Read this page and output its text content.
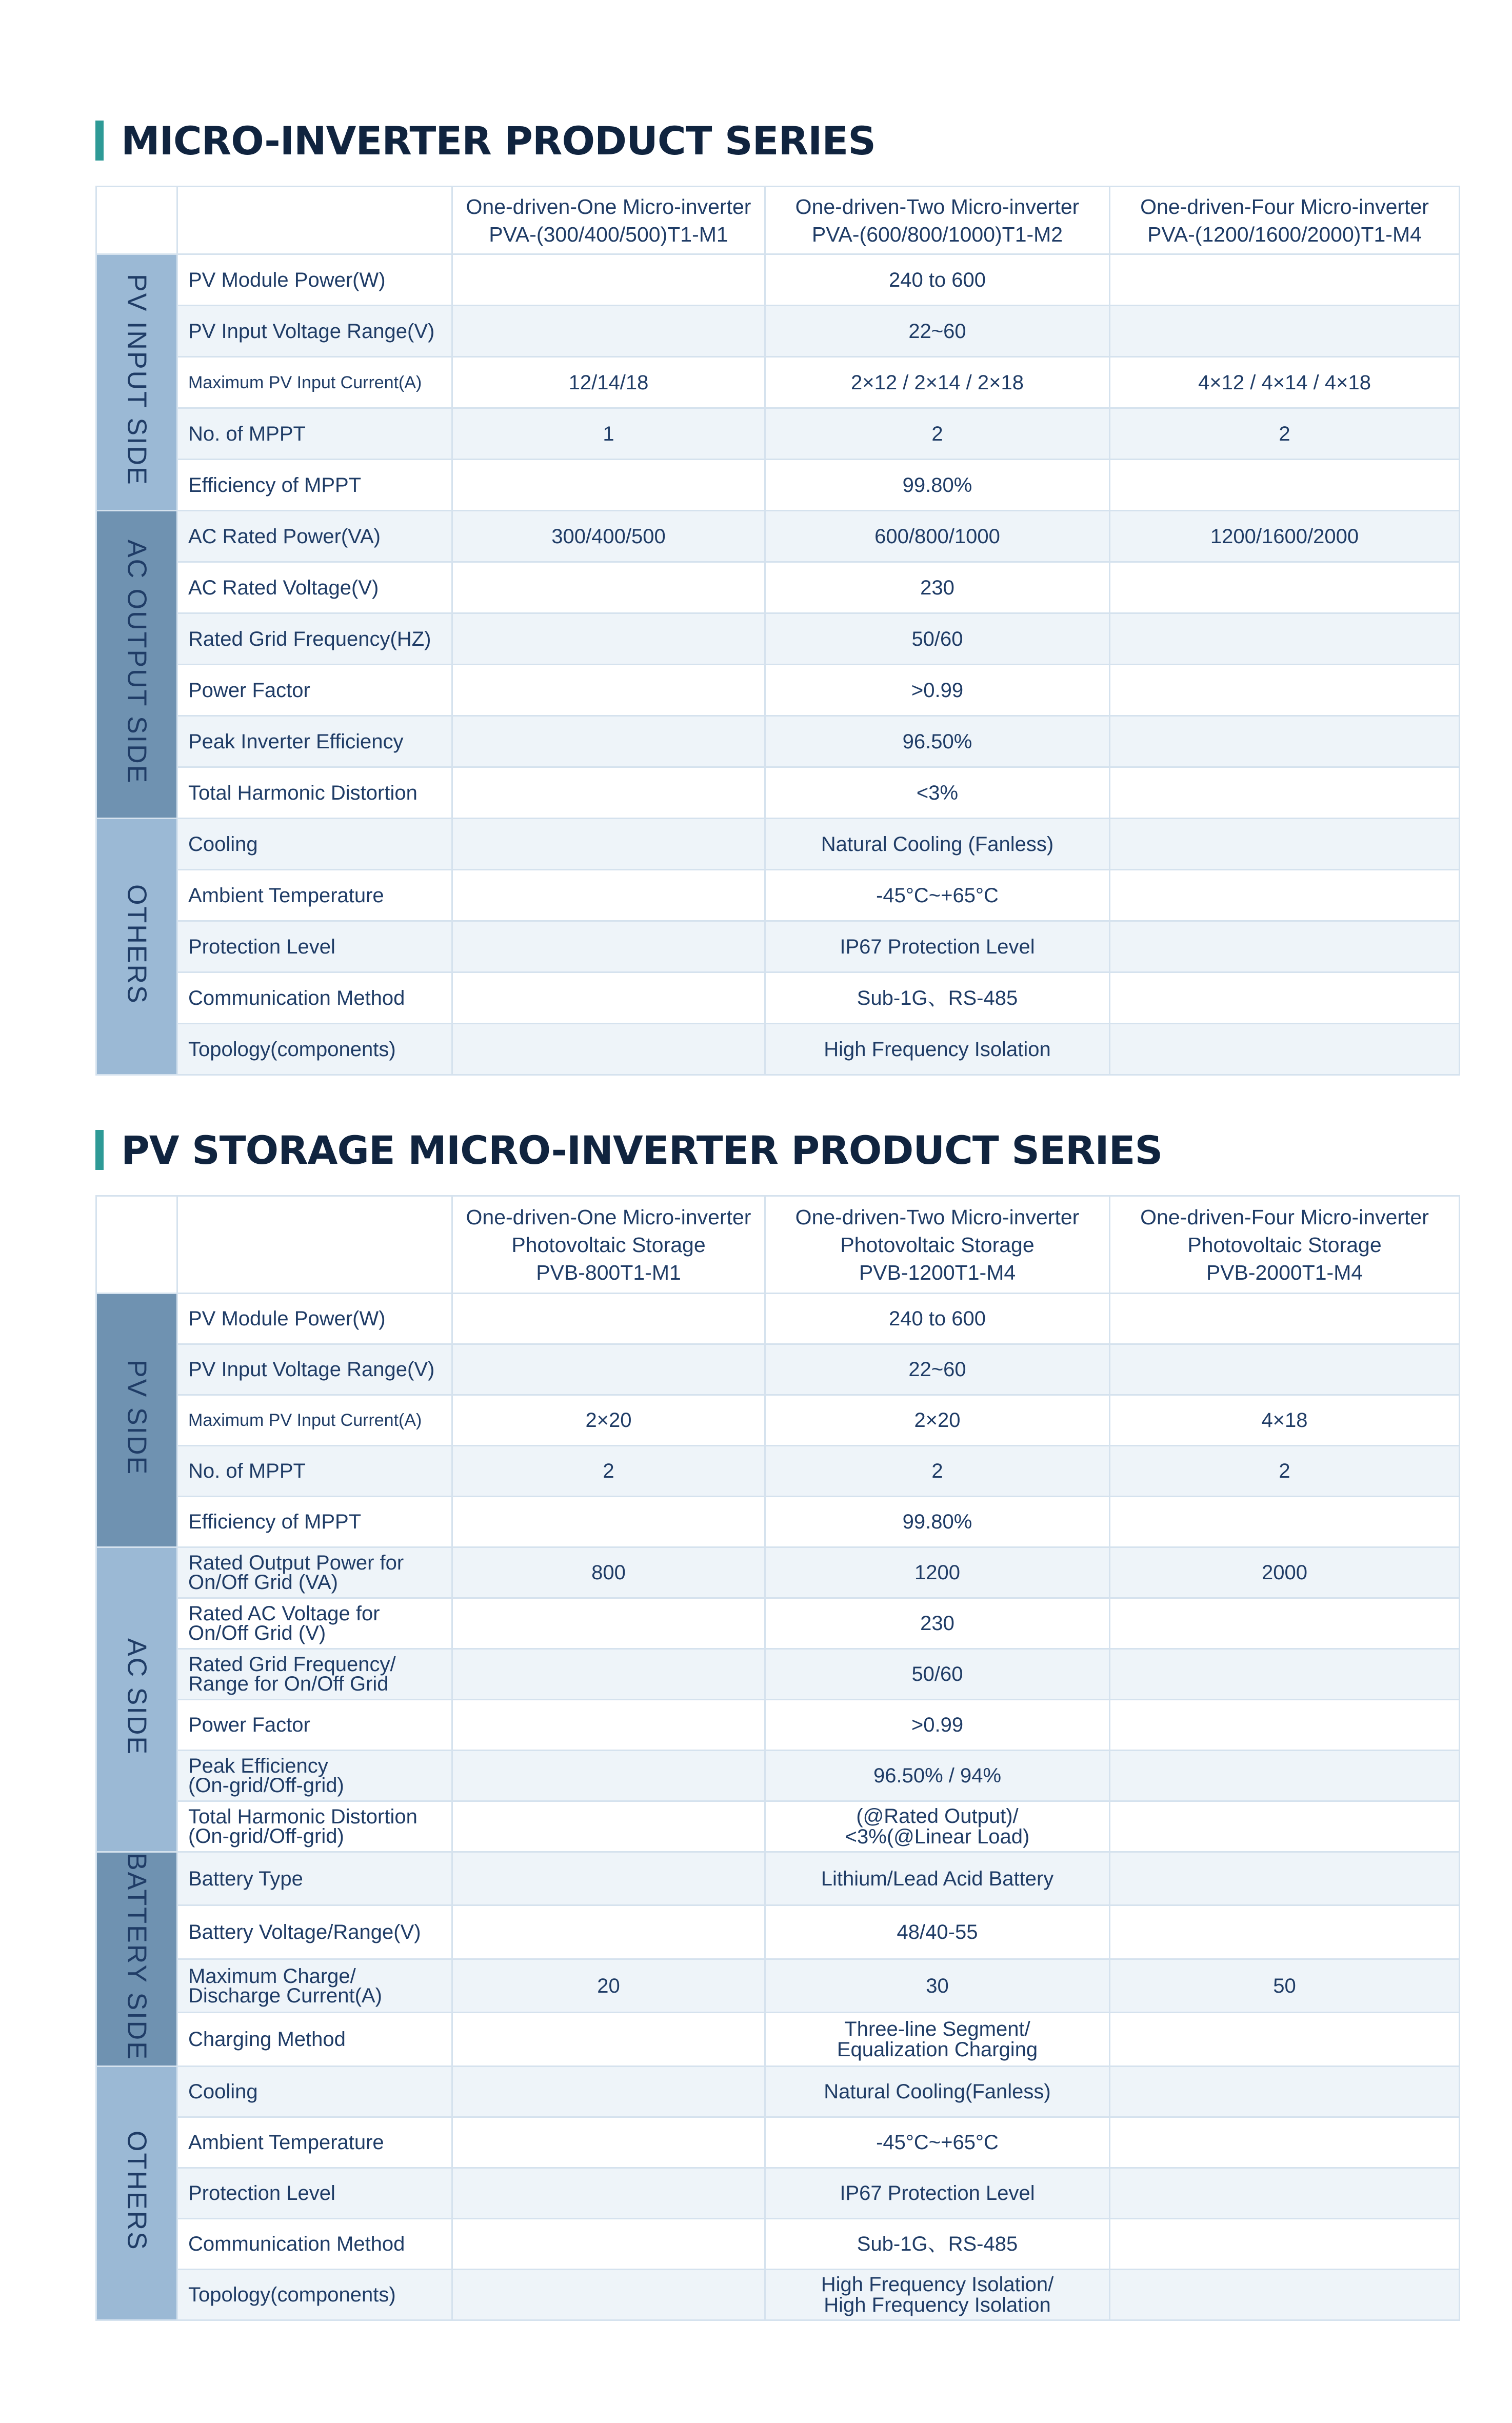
MICRO-INVERTER PRODUCT SERIES

		One-driven-One Micro-inverter
PVA-(300/400/500)T1-M1	One-driven-Two Micro-inverter
PVA-(600/800/1000)T1-M2	One-driven-Four Micro-inverter
PVA-(1200/1600/2000)T1-M4

PV INPUT SIDE	PV Module Power(W)		240 to 600	
	PV Input Voltage Range(V)		22~60	
	Maximum PV Input Current(A)	12/14/18	2×12 / 2×14 / 2×18	4×12 / 4×14 / 4×18
	No. of MPPT	1	2	2
	Efficiency of MPPT		99.80%	
AC OUTPUT SIDE	AC Rated Power(VA)	300/400/500	600/800/1000	1200/1600/2000
	AC Rated Voltage(V)		230	
	Rated Grid Frequency(HZ)		50/60	
	Power Factor		>0.99	
	Peak Inverter Efficiency		96.50%	
	Total Harmonic Distortion		<3%	
OTHERS	Cooling		Natural Cooling (Fanless)	
	Ambient Temperature		-45°C~+65°C	
	Protection Level		IP67 Protection Level	
	Communication Method		Sub-1G、RS-485	
	Topology(components)		High Frequency Isolation	
PV STORAGE MICRO-INVERTER PRODUCT SERIES

		One-driven-One Micro-inverter
Photovoltaic Storage
PVB-800T1-M1	One-driven-Two Micro-inverter
Photovoltaic Storage
PVB-1200T1-M4	One-driven-Four Micro-inverter
Photovoltaic Storage
PVB-2000T1-M4

PV SIDE	PV Module Power(W)		240 to 600	
	PV Input Voltage Range(V)		22~60	
	Maximum PV Input Current(A)	2×20	2×20	4×18
	No. of MPPT	2	2	2
	Efficiency of MPPT		99.80%	
AC SIDE	Rated Output Power for
On/Off Grid (VA)	800	1200	2000

	Rated AC Voltage for
On/Off Grid (V)		230	

	Rated Grid Frequency/
Range for On/Off Grid		50/60	
	Power Factor		>0.99	

	Peak Efficiency
(On-grid/Off-grid)		96.50% / 94%	

	Total Harmonic Distortion
(On-grid/Off-grid)		(@Rated Output)/
<3%(@Linear Load)	

BATTERY SIDE	Battery Type		Lithium/Lead Acid Battery	
	Battery Voltage/Range(V)		48/40-55	

	Maximum Charge/
Discharge Current(A)	20	30	50
	Charging Method		Three-line Segment/
Equalization Charging	

OTHERS	Cooling		Natural Cooling(Fanless)	
	Ambient Temperature		-45°C~+65°C	
	Protection Level		IP67 Protection Level	
	Communication Method		Sub-1G、RS-485	
	Topology(components)		High Frequency Isolation/
High Frequency Isolation	
